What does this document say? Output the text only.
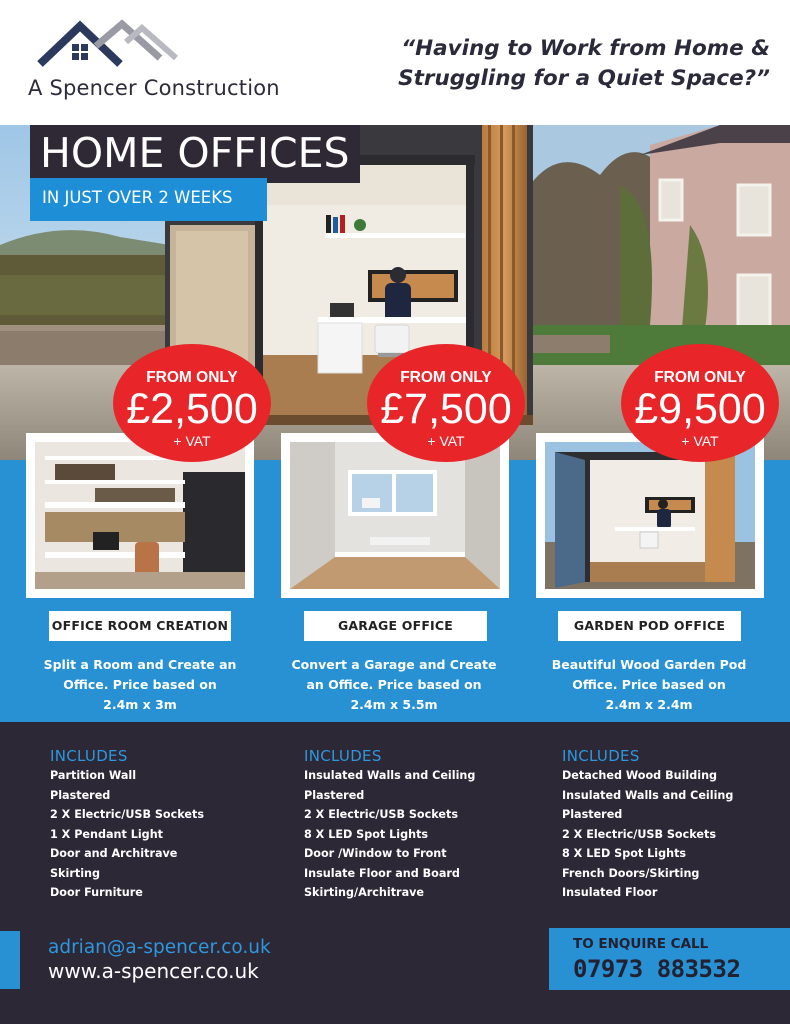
A Spencer Construction
“Having to Work from Home &
Struggling for a Quiet Space?”
HOME OFFICES
IN JUST OVER 2 WEEKS
FROM ONLY
£2,500
+ VAT
FROM ONLY
£7,500
+ VAT
FROM ONLY
£9,500
+ VAT
OFFICE ROOM CREATION	GARAGE OFFICE	GARDEN POD OFFICE
Split a Room and Create an
Office. Price based on
2.4m x 3m
Convert a Garage and Create
an Office. Price based on
2.4m x 5.5m
Beautiful Wood Garden Pod
Office. Price based on
2.4m x 2.4m
INCLUDES
Partition Wall
Plastered
2 X Electric/USB Sockets
1 X Pendant Light
Door and Architrave
Skirting
Door Furniture
INCLUDES
Insulated Walls and Ceiling
Plastered
2 X Electric/USB Sockets
8 X LED Spot Lights
Door /Window to Front
Insulate Floor and Board
Skirting/Architrave
INCLUDES
Detached Wood Building
Insulated Walls and Ceiling
Plastered
2 X Electric/USB Sockets
8 X LED Spot Lights
French Doors/Skirting
Insulated Floor
adrian@a-spencer.co.uk
www.a-spencer.co.uk
TO ENQUIRE CALL
07973 883532
